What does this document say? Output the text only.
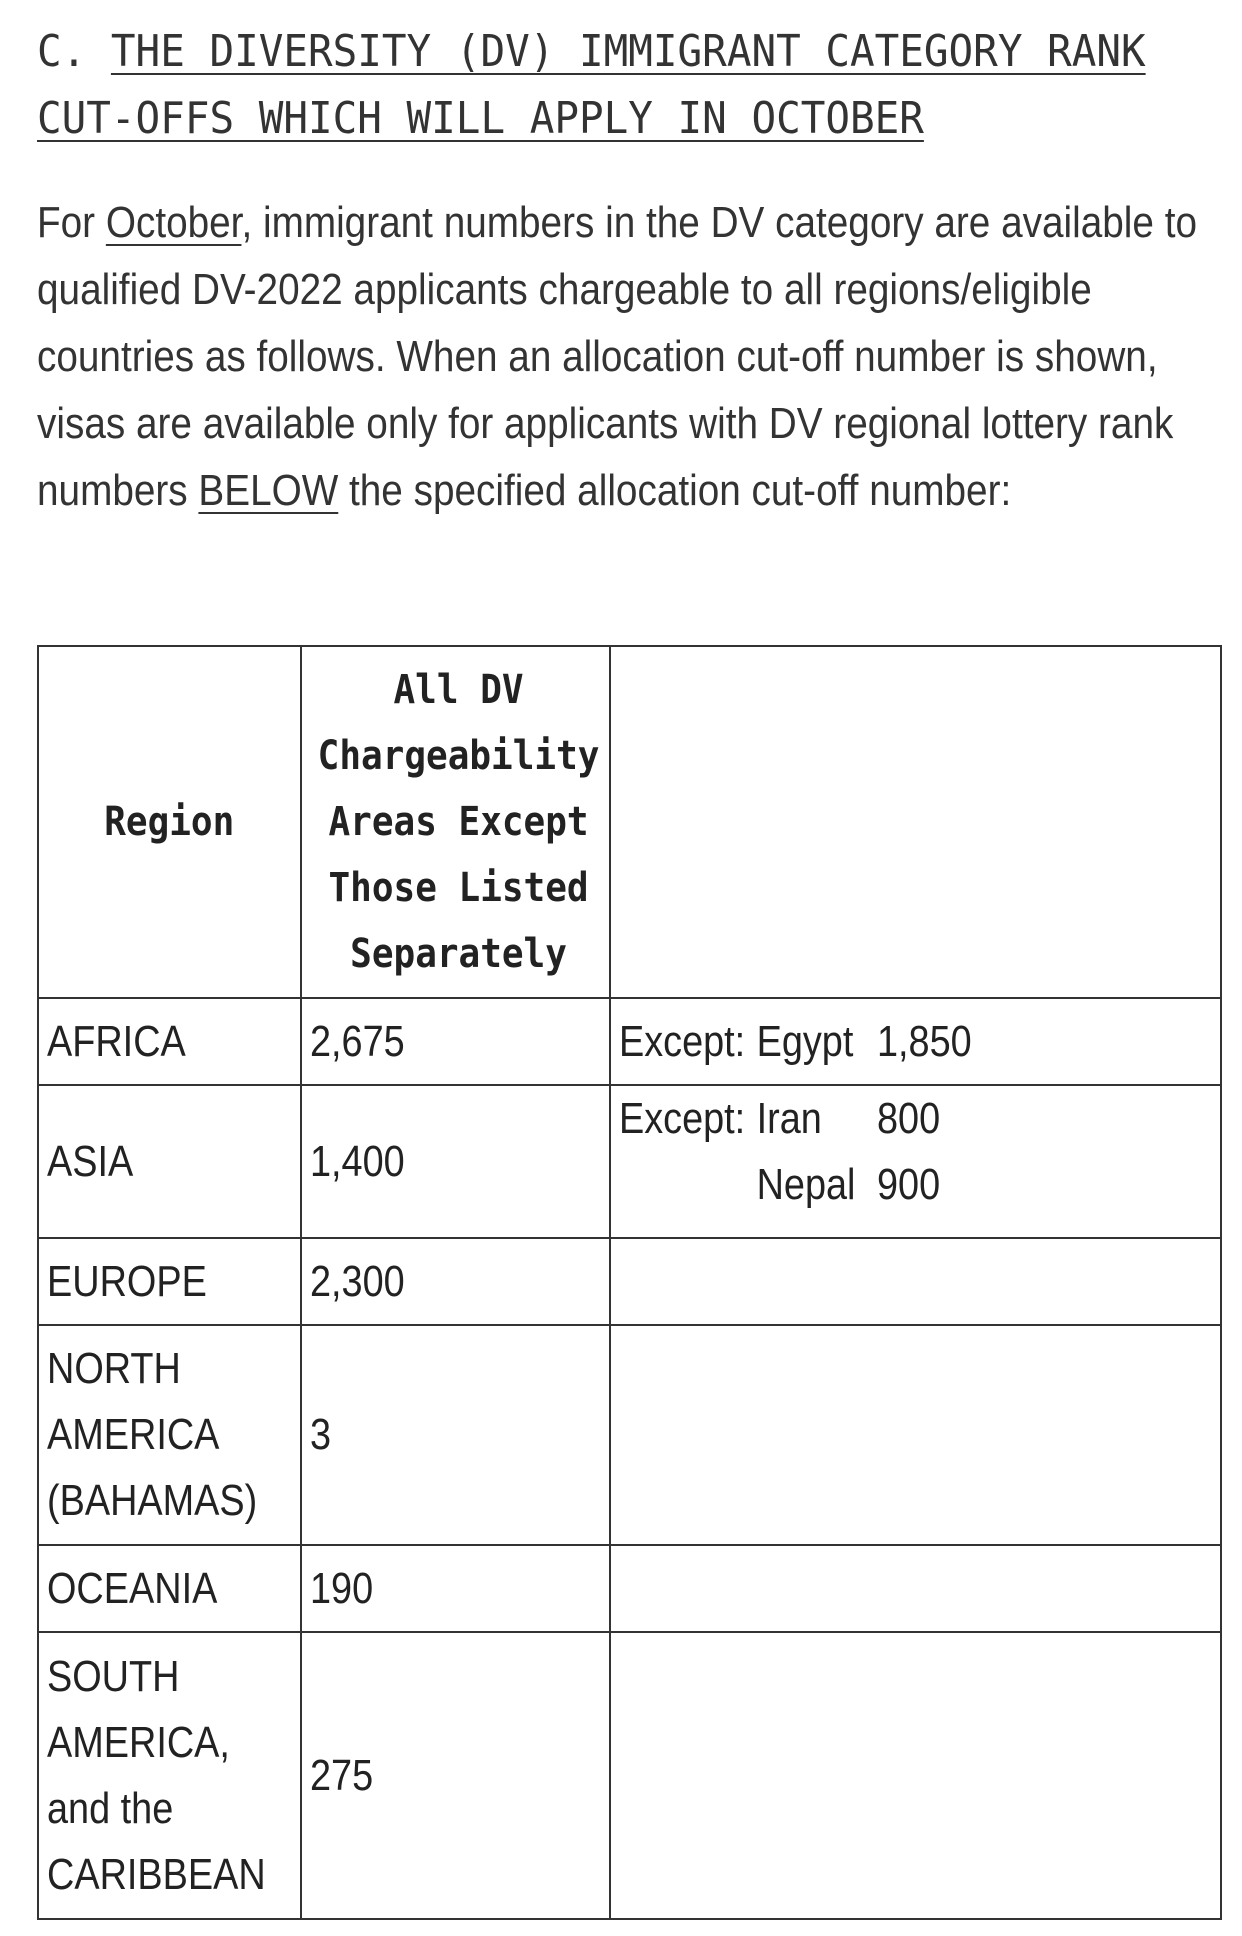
C. THE DIVERSITY (DV) IMMIGRANT CATEGORY RANK
CUT-OFFS WHICH WILL APPLY IN OCTOBER

For October, immigrant numbers in the DV category are available to qualified DV-2022 applicants chargeable to all regions/eligible countries as follows. When an allocation cut-off number is shown, visas are available only for applicants with DV regional lottery rank numbers BELOW the specified allocation cut-off number:

Region	All DV
Chargeability
Areas Except
Those Listed
Separately	
AFRICA	2,675	Except: Egypt 1,850
ASIA	1,400	Except: Iran 800
Nepal 900
EUROPE	2,300	
NORTH
AMERICA
(BAHAMAS)	3	
OCEANIA	190	
SOUTH
AMERICA,
and the
CARIBBEAN	275	
